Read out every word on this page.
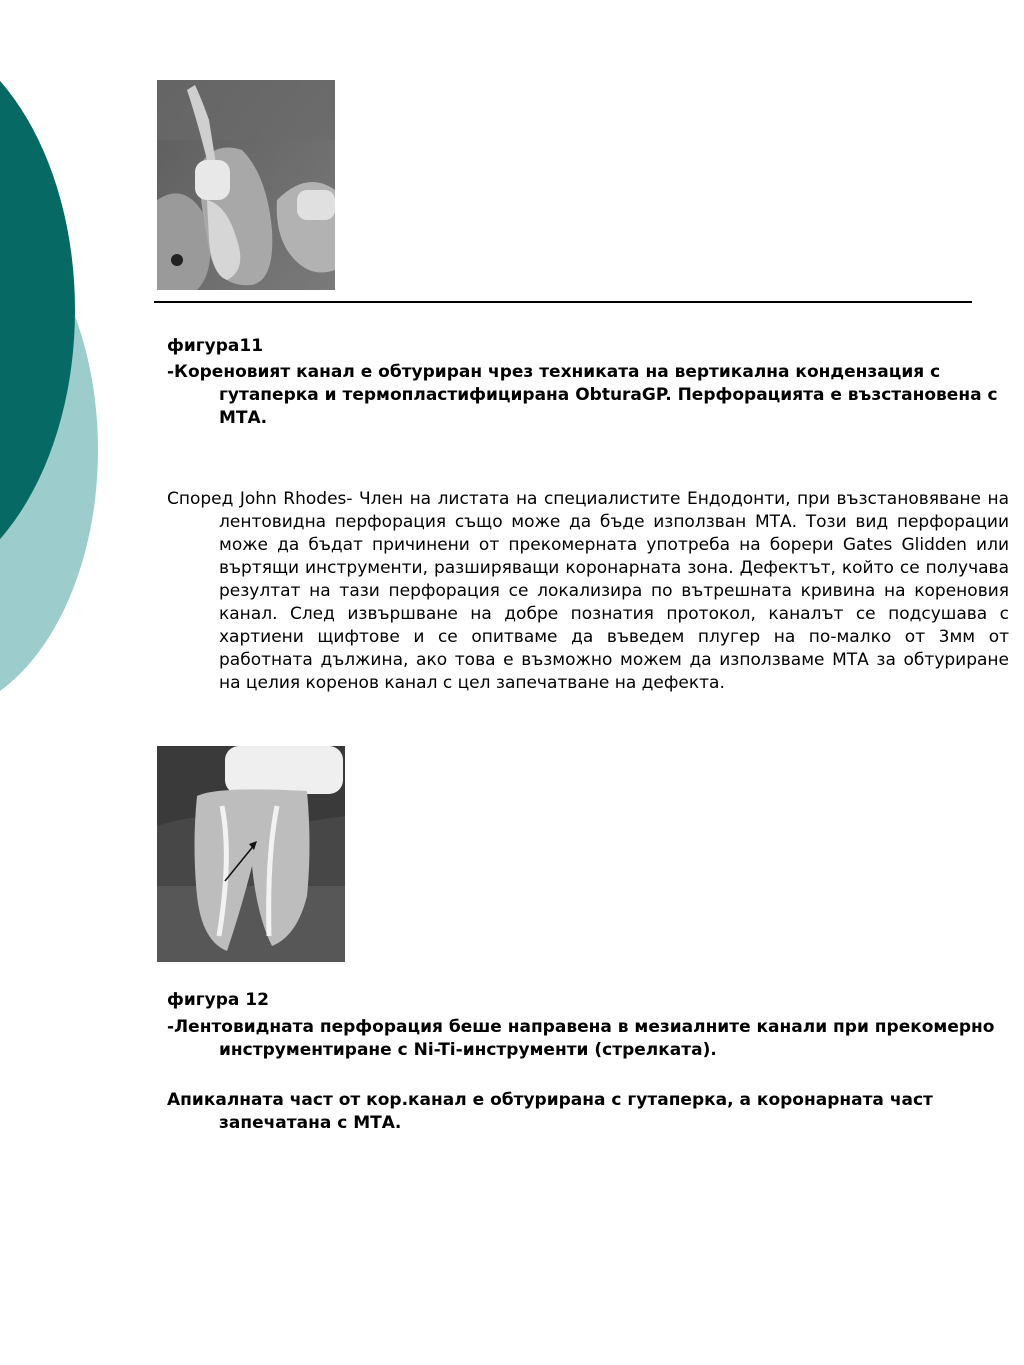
фигура11

-Кореновият канал е обтуриран чрез техниката на вертикална кондензация с гутаперка и термопластифицирана ObturaGP. Перфорацията е възстановена с МТА.

Според John Rhodes- Член на листата на специалистите Ендодонти, при възстановяване на лентовидна перфорация също може да бъде използван МТА. Този вид перфорации може да бъдат причинени от прекомерната употреба на борери Gates Glidden или въртящи инструменти, разширяващи коронарната зона. Дефектът, който се получава резултат на тази перфорация се локализира по вътрешната кривина на кореновия канал. След извършване на добре познатия протокол, каналът се подсушава с хартиени щифтове и се опитваме да въведем плугер на по-малко от 3мм от работната дължина, ако това е възможно можем да използваме МТА за обтуриране на целия коренов канал с цел запечатване на дефекта.

фигура 12

-Лентовидната перфорация беше направена в мезиалните канали при прекомерно инструментиране с Ni-Ti-инструменти (стрелката).

Апикалната част от кор.канал е обтурирана с гутаперка, а коронарната част запечатана с МТА.
